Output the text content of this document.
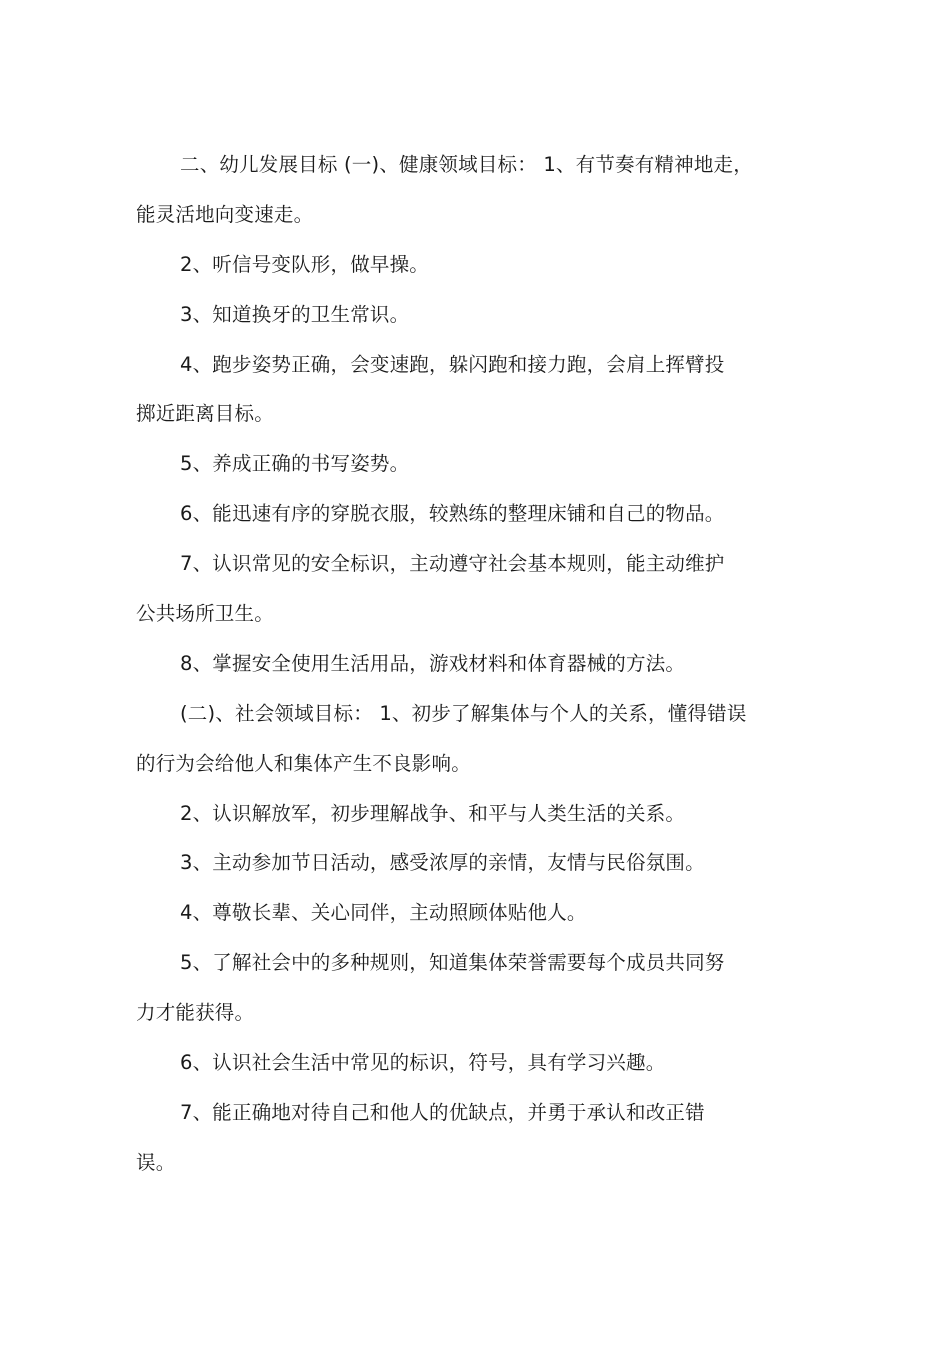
二、幼儿发展目标 (一)、健康领域目标： 1、有节奏有精神地走，
能灵活地向变速走。
2、听信号变队形，做早操。
3、知道换牙的卫生常识。
4、跑步姿势正确，会变速跑，躲闪跑和接力跑，会肩上挥臂投
掷近距离目标。
5、养成正确的书写姿势。
6、能迅速有序的穿脱衣服，较熟练的整理床铺和自己的物品。
7、认识常见的安全标识，主动遵守社会基本规则，能主动维护
公共场所卫生。
8、掌握安全使用生活用品，游戏材料和体育器械的方法。
(二)、社会领域目标： 1、初步了解集体与个人的关系，懂得错误
的行为会给他人和集体产生不良影响。
2、认识解放军，初步理解战争、和平与人类生活的关系。
3、主动参加节日活动，感受浓厚的亲情，友情与民俗氛围。
4、尊敬长辈、关心同伴，主动照顾体贴他人。
5、了解社会中的多种规则，知道集体荣誉需要每个成员共同努
力才能获得。
6、认识社会生活中常见的标识，符号，具有学习兴趣。
7、能正确地对待自己和他人的优缺点，并勇于承认和改正错
误。
